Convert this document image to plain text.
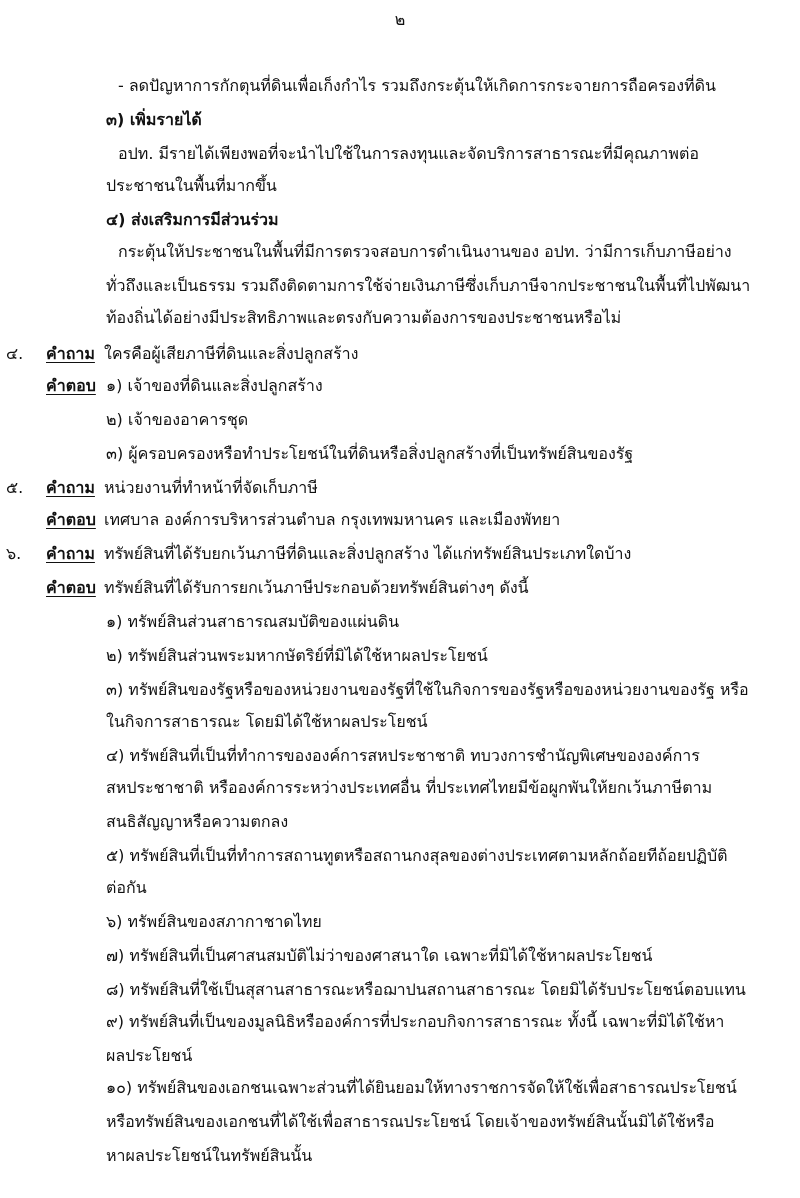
๒
- ลดปัญหาการกักตุนที่ดินเพื่อเก็งกำไร รวมถึงกระตุ้นให้เกิดการกระจายการถือครองที่ดิน
๓) เพิ่มรายได้
อปท. มีรายได้เพียงพอที่จะนำไปใช้ในการลงทุนและจัดบริการสาธารณะที่มีคุณภาพต่อ
ประชาชนในพื้นที่มากขึ้น
๔) ส่งเสริมการมีส่วนร่วม
กระตุ้นให้ประชาชนในพื้นที่มีการตรวจสอบการดำเนินงานของ อปท. ว่ามีการเก็บภาษีอย่าง
ทั่วถึงและเป็นธรรม รวมถึงติดตามการใช้จ่ายเงินภาษีซึ่งเก็บภาษีจากประชาชนในพื้นที่ไปพัฒนา
ท้องถิ่นได้อย่างมีประสิทธิภาพและตรงกับความต้องการของประชาชนหรือไม่
๔. คำถาม ใครคือผู้เสียภาษีที่ดินและสิ่งปลูกสร้าง
คำตอบ ๑) เจ้าของที่ดินและสิ่งปลูกสร้าง
๒) เจ้าของอาคารชุด
๓) ผู้ครอบครองหรือทำประโยชน์ในที่ดินหรือสิ่งปลูกสร้างที่เป็นทรัพย์สินของรัฐ
๕. คำถาม หน่วยงานที่ทำหน้าที่จัดเก็บภาษี
คำตอบ เทศบาล องค์การบริหารส่วนตำบล กรุงเทพมหานคร และเมืองพัทยา
๖. คำถาม ทรัพย์สินที่ได้รับยกเว้นภาษีที่ดินและสิ่งปลูกสร้าง ได้แก่ทรัพย์สินประเภทใดบ้าง
คำตอบ ทรัพย์สินที่ได้รับการยกเว้นภาษีประกอบด้วยทรัพย์สินต่างๆ ดังนี้
๑) ทรัพย์สินส่วนสาธารณสมบัติของแผ่นดิน
๒) ทรัพย์สินส่วนพระมหากษัตริย์ที่มิได้ใช้หาผลประโยชน์
๓) ทรัพย์สินของรัฐหรือของหน่วยงานของรัฐที่ใช้ในกิจการของรัฐหรือของหน่วยงานของรัฐ หรือ
ในกิจการสาธารณะ โดยมิได้ใช้หาผลประโยชน์
๔) ทรัพย์สินที่เป็นที่ทำการขององค์การสหประชาชาติ ทบวงการชำนัญพิเศษขององค์การ
สหประชาชาติ หรือองค์การระหว่างประเทศอื่น ที่ประเทศไทยมีข้อผูกพันให้ยกเว้นภาษีตาม
สนธิสัญญาหรือความตกลง
๕) ทรัพย์สินที่เป็นที่ทำการสถานทูตหรือสถานกงสุลของต่างประเทศตามหลักถ้อยทีถ้อยปฏิบัติ
ต่อกัน
๖) ทรัพย์สินของสภากาชาดไทย
๗) ทรัพย์สินที่เป็นศาสนสมบัติไม่ว่าของศาสนาใด เฉพาะที่มิได้ใช้หาผลประโยชน์
๘) ทรัพย์สินที่ใช้เป็นสุสานสาธารณะหรือฌาปนสถานสาธารณะ โดยมิได้รับประโยชน์ตอบแทน
๙) ทรัพย์สินที่เป็นของมูลนิธิหรือองค์การที่ประกอบกิจการสาธารณะ ทั้งนี้ เฉพาะที่มิได้ใช้หา
ผลประโยชน์
๑๐) ทรัพย์สินของเอกชนเฉพาะส่วนที่ได้ยินยอมให้ทางราชการจัดให้ใช้เพื่อสาธารณประโยชน์
หรือทรัพย์สินของเอกชนที่ได้ใช้เพื่อสาธารณประโยชน์ โดยเจ้าของทรัพย์สินนั้นมิได้ใช้หรือ
หาผลประโยชน์ในทรัพย์สินนั้น
